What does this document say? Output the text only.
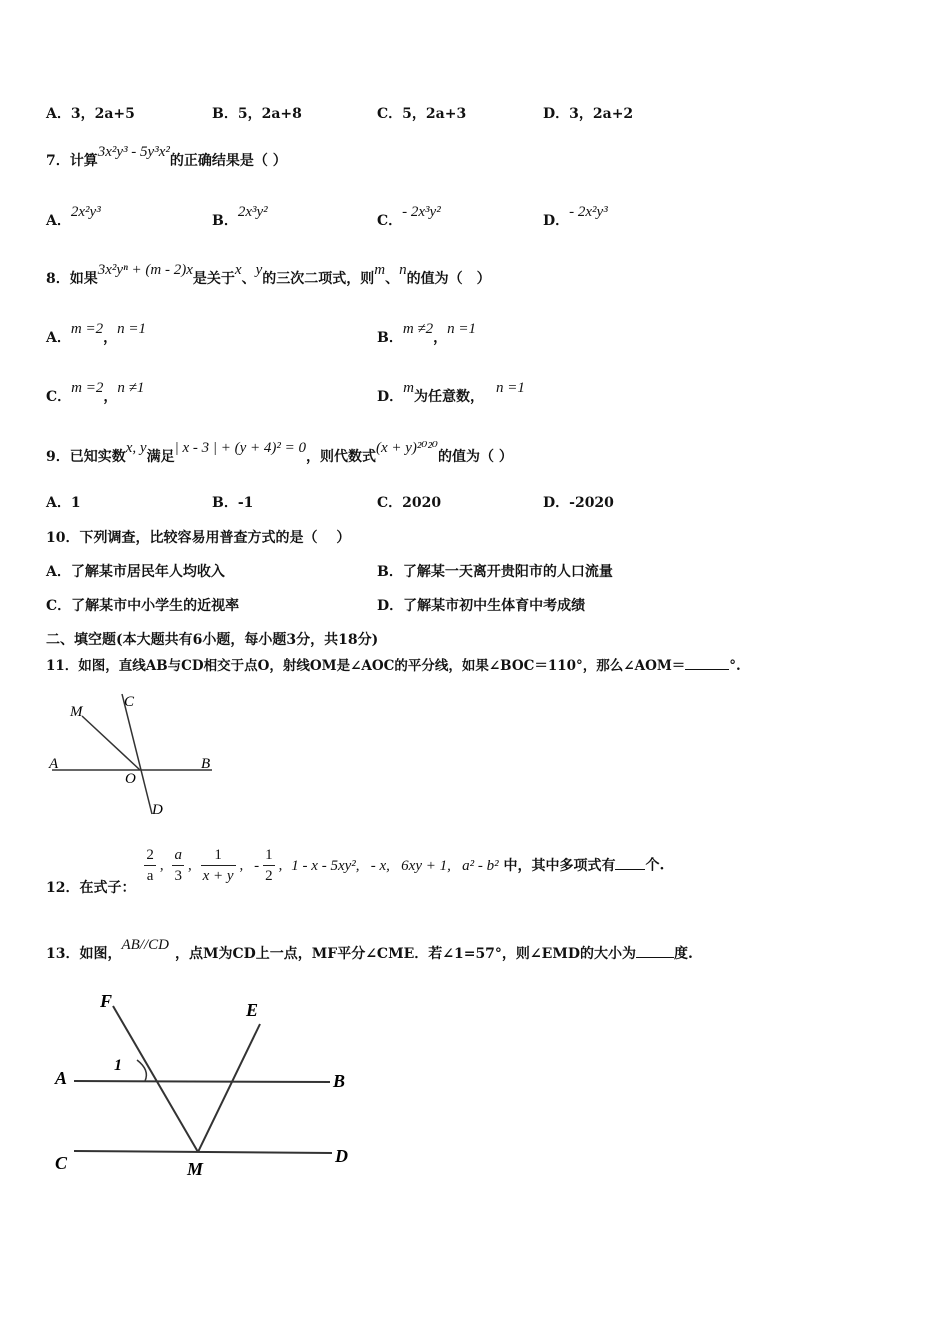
A．3，2a+5	B．5，2a+8	C．5，2a+3	D．3，2a+2
7．计算3x²y³ - 5y³x²的正确结果是（ ）
A．2x²y³
B．2x³y²
C．- 2x³y²
D．- 2x²y³
8．如果3x²yⁿ + (m - 2)x是关于x、y的三次二项式，则m、n的值为（　）
A．m =2，n =1
B．m ≠2，n =1
C．m =2，n ≠1
D．m为任意数，n =1
9．已知实数x, y满足| x - 3 | + (y + 4)² = 0，则代数式(x + y)²⁰²⁰的值为（ ）
A．1	B．-1	C．2020	D．-2020
10．下列调查，比较容易用普查方式的是（　 ）
A．了解某市居民年人均收入	B．了解某一天离开贵阳市的人口流量
C．了解某市中小学生的近视率	D．了解某市初中生体育中考成绩
二、填空题(本大题共有6小题，每小题3分，共18分)
11．如图，直线AB与CD相交于点O，射线OM是∠AOC的平分线，如果∠BOC＝110°，那么∠AOM＝	°.
M
C
A
O
B
D
12．在式子：
$\frac{2}{a}$ , $\frac{a}{3}$ , $\frac{1}{x + y}$ , - $\frac{1}{2}$ , 1 - x - 5xy²,   - x,   6xy + 1,   a² - b² 中，其中多项式有 个.
13．如图，AB//CD，点M为CD上一点，MF平分∠CME．若∠1=57°，则∠EMD的大小为	度.
F	E
A
1
B
C	M
D
